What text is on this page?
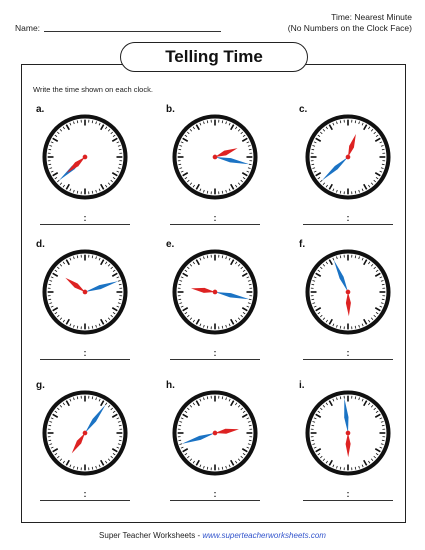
Name:
Time: Nearest Minute
(No Numbers on the Clock Face)
Telling Time
Write the time shown on each clock.
a.
:
b.
:
c.
:
d.
:
e.
:
f.
:
g.
:
h.
:
i.
:
Super Teacher Worksheets - www.superteacherworksheets.com
